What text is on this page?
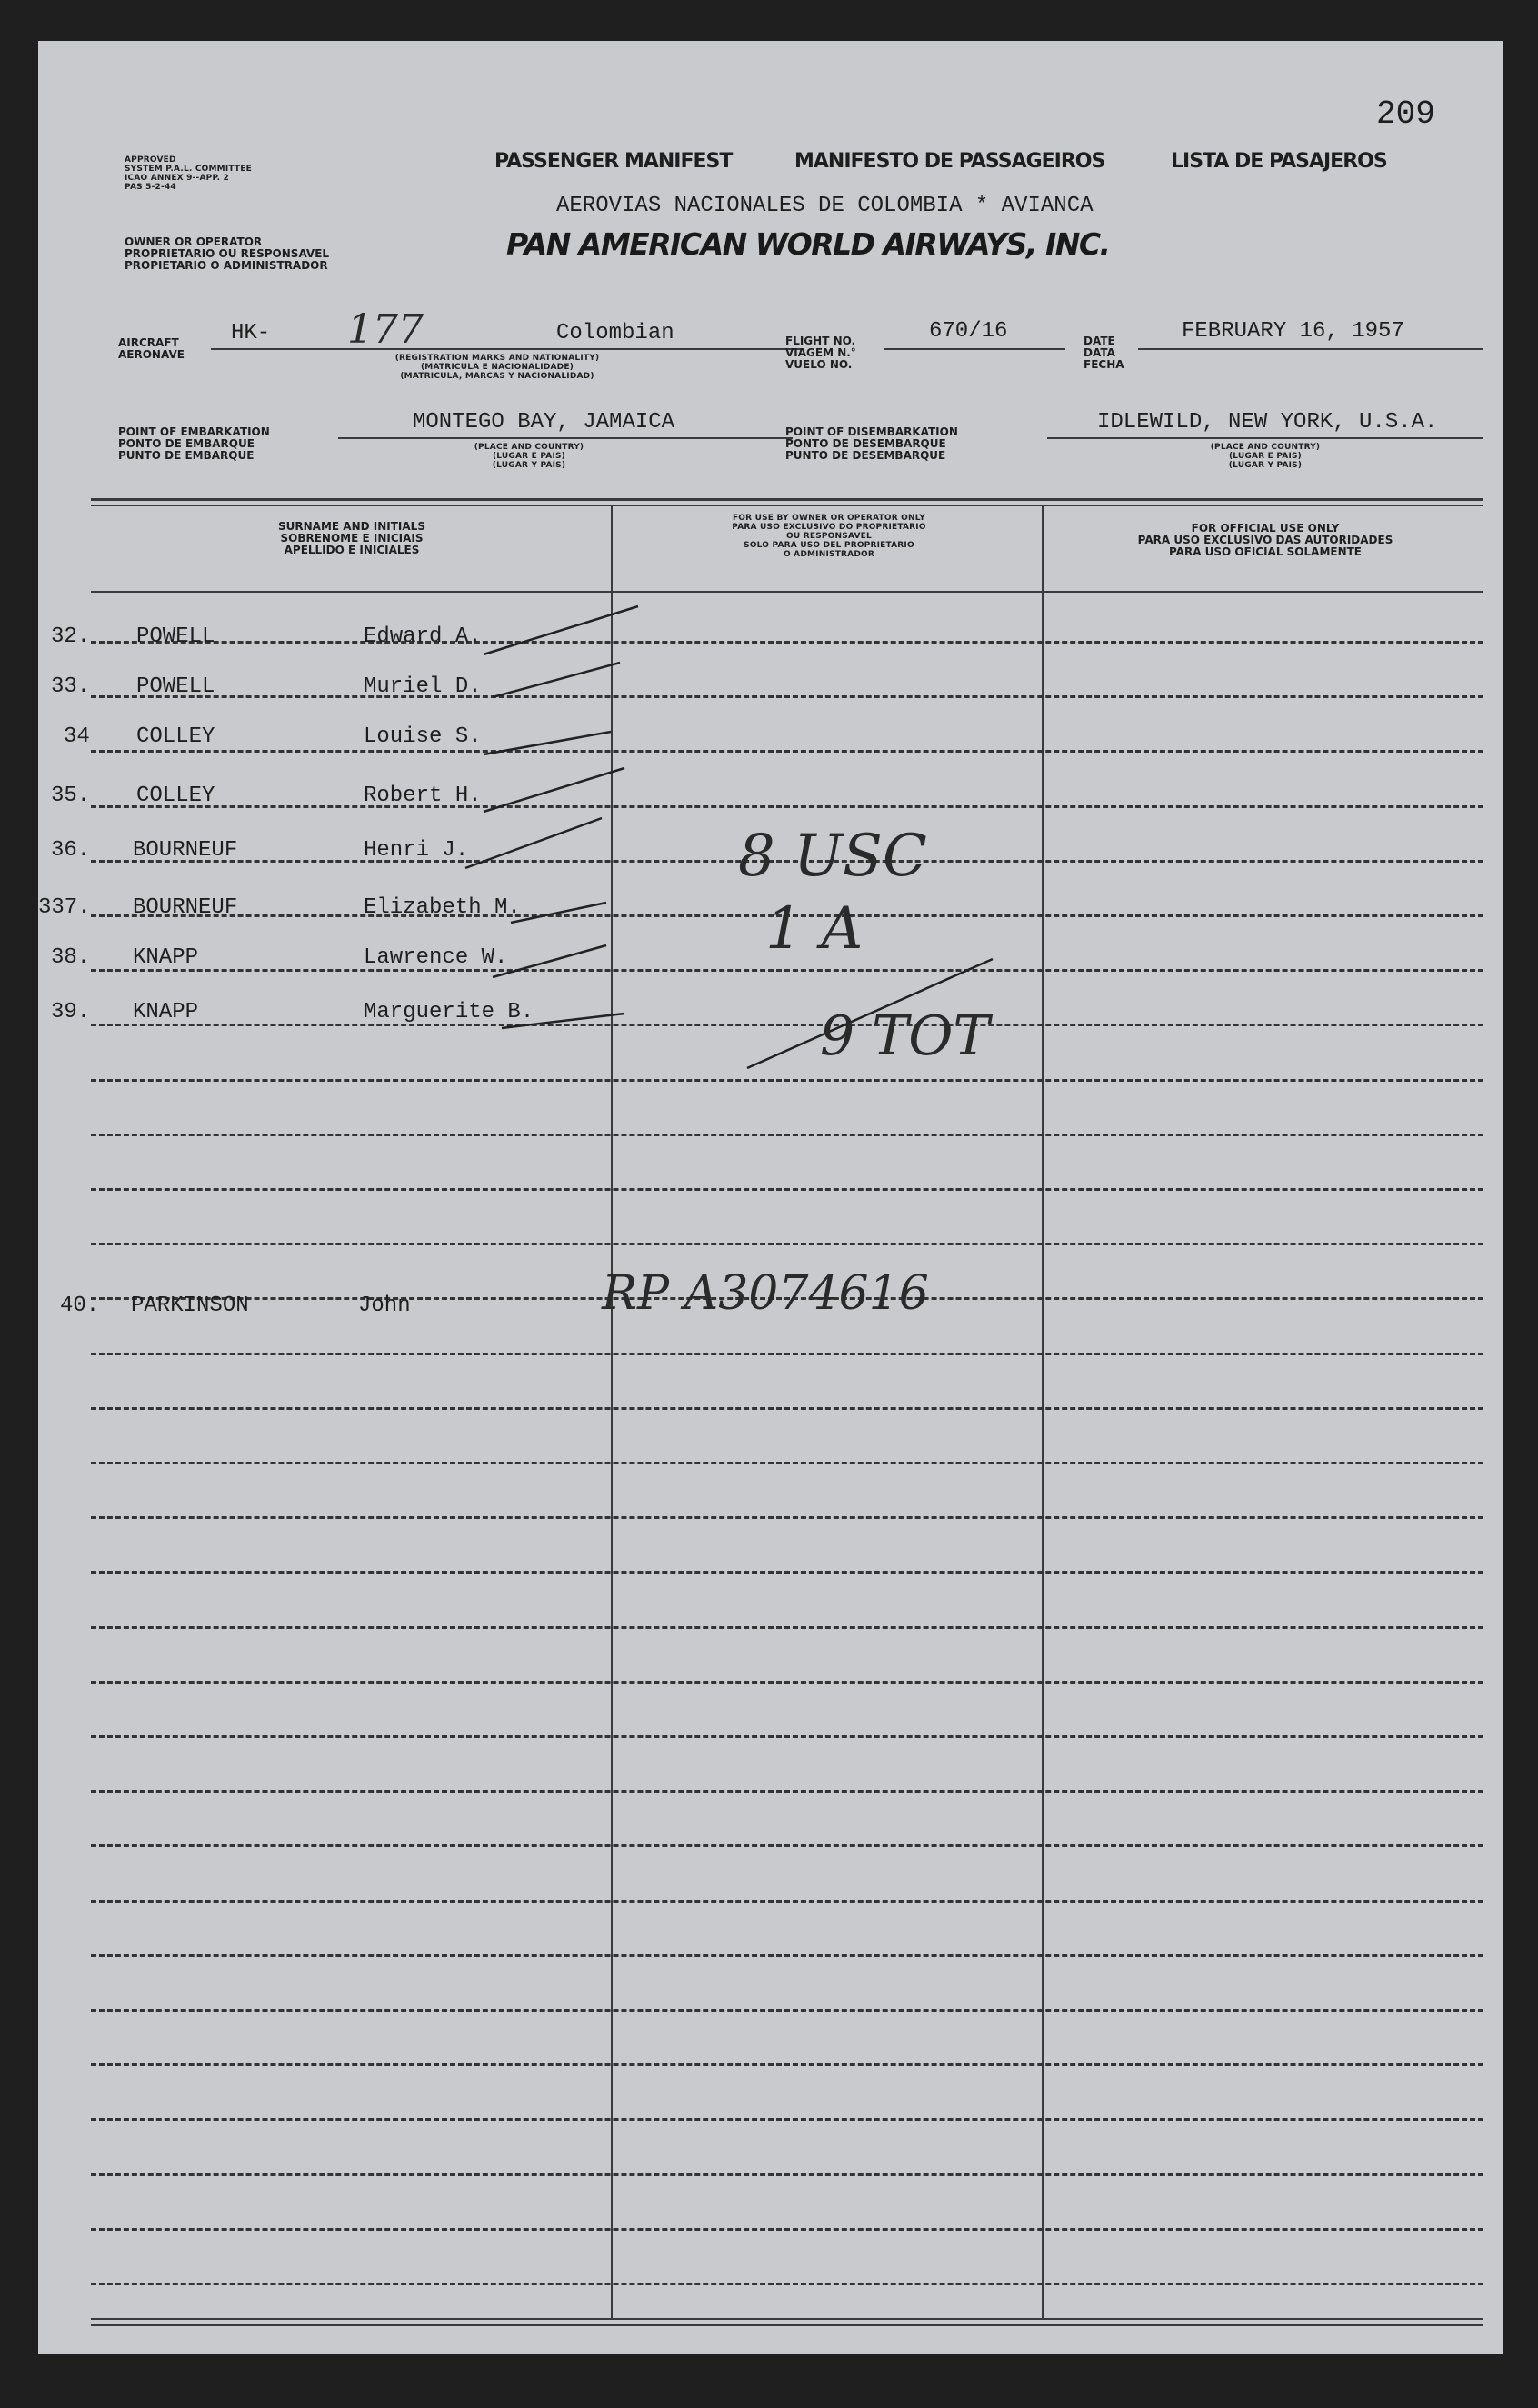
209
APPROVED
SYSTEM P.A.L. COMMITTEE
ICAO ANNEX 9--APP. 2
PAS 5-2-44
OWNER OR OPERATOR
PROPRIETARIO OU RESPONSAVEL
PROPIETARIO O ADMINISTRADOR
PASSENGER MANIFEST	MANIFESTO DE PASSAGEIROS	LISTA DE PASAJEROS
AEROVIAS NACIONALES DE COLOMBIA * AVIANCA
PAN AMERICAN WORLD AIRWAYS, INC.
AIRCRAFT
AERONAVE
HK- 177	Colombian
(REGISTRATION MARKS AND NATIONALITY)
(MATRICULA E NACIONALIDADE)
(MATRICULA, MARCAS Y NACIONALIDAD)
FLIGHT NO.
VIAGEM N.°
VUELO NO.
670/16	DATE
DATA
FECHA
FEBRUARY 16, 1957
POINT OF EMBARKATION
PONTO DE EMBARQUE
PUNTO DE EMBARQUE
MONTEGO BAY, JAMAICA
(PLACE AND COUNTRY)
(LUGAR E PAIS)
(LUGAR Y PAIS)
POINT OF DISEMBARKATION
PONTO DE DESEMBARQUE
PUNTO DE DESEMBARQUE
IDLEWILD, NEW YORK, U.S.A.
(PLACE AND COUNTRY)
(LUGAR E PAIS)
(LUGAR Y PAIS)
SURNAME AND INITIALS
SOBRENOME E INICIAIS
APELLIDO E INICIALES
FOR USE BY OWNER OR OPERATOR ONLY
PARA USO EXCLUSIVO DO PROPRIETARIO
OU RESPONSAVEL
SOLO PARA USO DEL PROPRIETARIO
O ADMINISTRADOR
FOR OFFICIAL USE ONLY
PARA USO EXCLUSIVO DAS AUTORIDADES
PARA USO OFICIAL SOLAMENTE
32. POWELL	Edward A.
33. POWELL	Muriel D.
34 COLLEY	Louise S.
35. COLLEY	Robert H.
36. BOURNEUF	Henri J.
337. BOURNEUF	Elizabeth M.
38. KNAPP	Lawrence W.
39. KNAPP	Marguerite B.
40. PARKINSON	John
8 USC
1 A
9 TOT
RP A3074616
